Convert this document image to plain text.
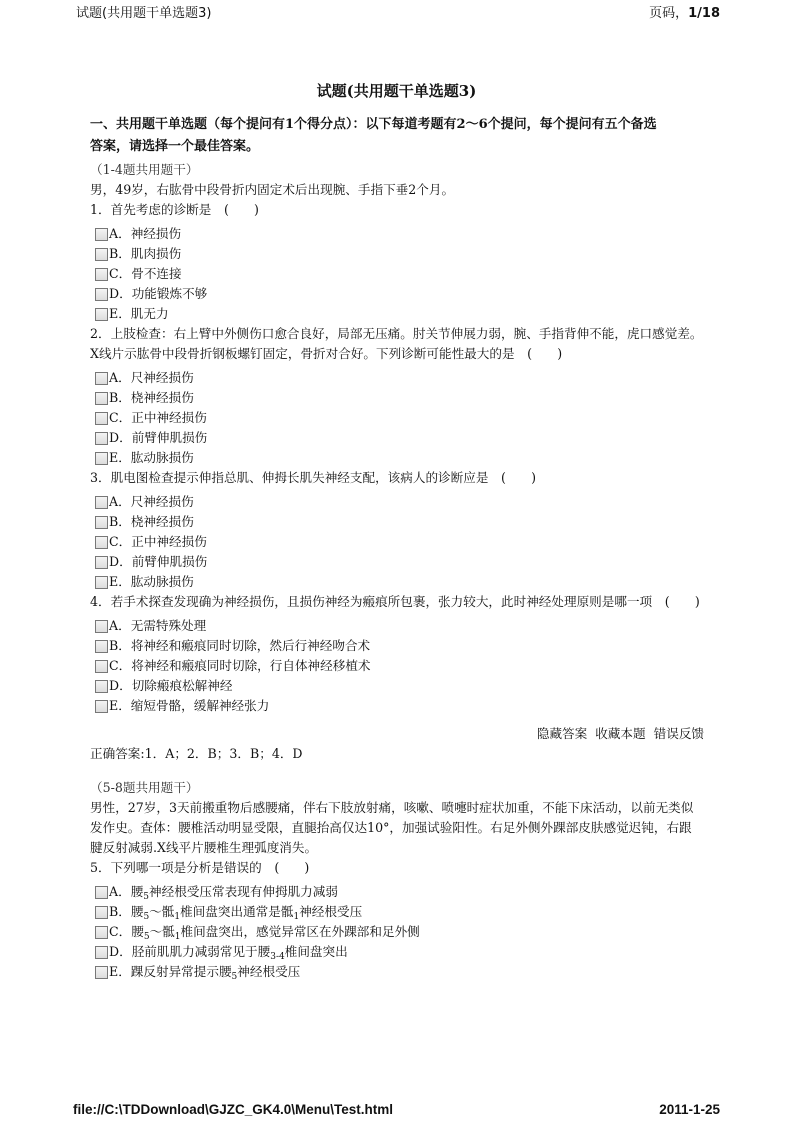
试题(共用题干单选题3)	页码，1/18
试题(共用题干单选题3)
一、共用题干单选题（每个提问有1个得分点）：以下每道考题有2～6个提问，每个提问有五个备选
答案，请选择一个最佳答案。

（1-4题共用题干）

男，49岁，右肱骨中段骨折内固定术后出现腕、手指下垂2个月。

1．首先考虑的诊断是　(　　)

A．神经损伤
B．肌肉损伤
C．骨不连接
D．功能锻炼不够
E．肌无力

2．上肢检查：右上臂中外侧伤口愈合良好，局部无压痛。肘关节伸展力弱，腕、手指背伸不能，虎口感觉差。X线片示肱骨中段骨折钢板螺钉固定，骨折对合好。下列诊断可能性最大的是　(　　)

A．尺神经损伤
B．桡神经损伤
C．正中神经损伤
D．前臂伸肌损伤
E．肱动脉损伤

3．肌电图检查提示伸指总肌、伸拇长肌失神经支配，该病人的诊断应是　(　　)

A．尺神经损伤
B．桡神经损伤
C．正中神经损伤
D．前臂伸肌损伤
E．肱动脉损伤

4．若手术探查发现确为神经损伤，且损伤神经为瘢痕所包裹，张力较大，此时神经处理原则是哪一项　(　　)

A．无需特殊处理
B．将神经和瘢痕同时切除，然后行神经吻合术
C．将神经和瘢痕同时切除，行自体神经移植术
D．切除瘢痕松解神经
E．缩短骨骼，缓解神经张力
隐藏答案 收藏本题 错误反馈

正确答案:1．A；2．B；3．B；4．D

（5-8题共用题干）

男性，27岁，3天前搬重物后感腰痛，伴右下肢放射痛，咳嗽、喷嚏时症状加重，不能下床活动，以前无类似发作史。查体：腰椎活动明显受限，直腿抬高仅达10°，加强试验阳性。右足外侧外踝部皮肤感觉迟钝，右跟腱反射减弱.X线平片腰椎生理弧度消失。

5．下列哪一项是分析是错误的　(　　)

A．腰$_5$神经根受压常表现有伸拇肌力减弱
B．腰$_5$～骶$_1$椎间盘突出通常是骶$_1$神经根受压
C．腰$_5$～骶$_1$椎间盘突出，感觉异常区在外踝部和足外侧
D．胫前肌肌力减弱常见于腰$_{3-4}$椎间盘突出
E．踝反射异常提示腰$_5$神经根受压
file://C:\TDDownload\GJZC_GK4.0\Menu\Test.html	2011-1-25
